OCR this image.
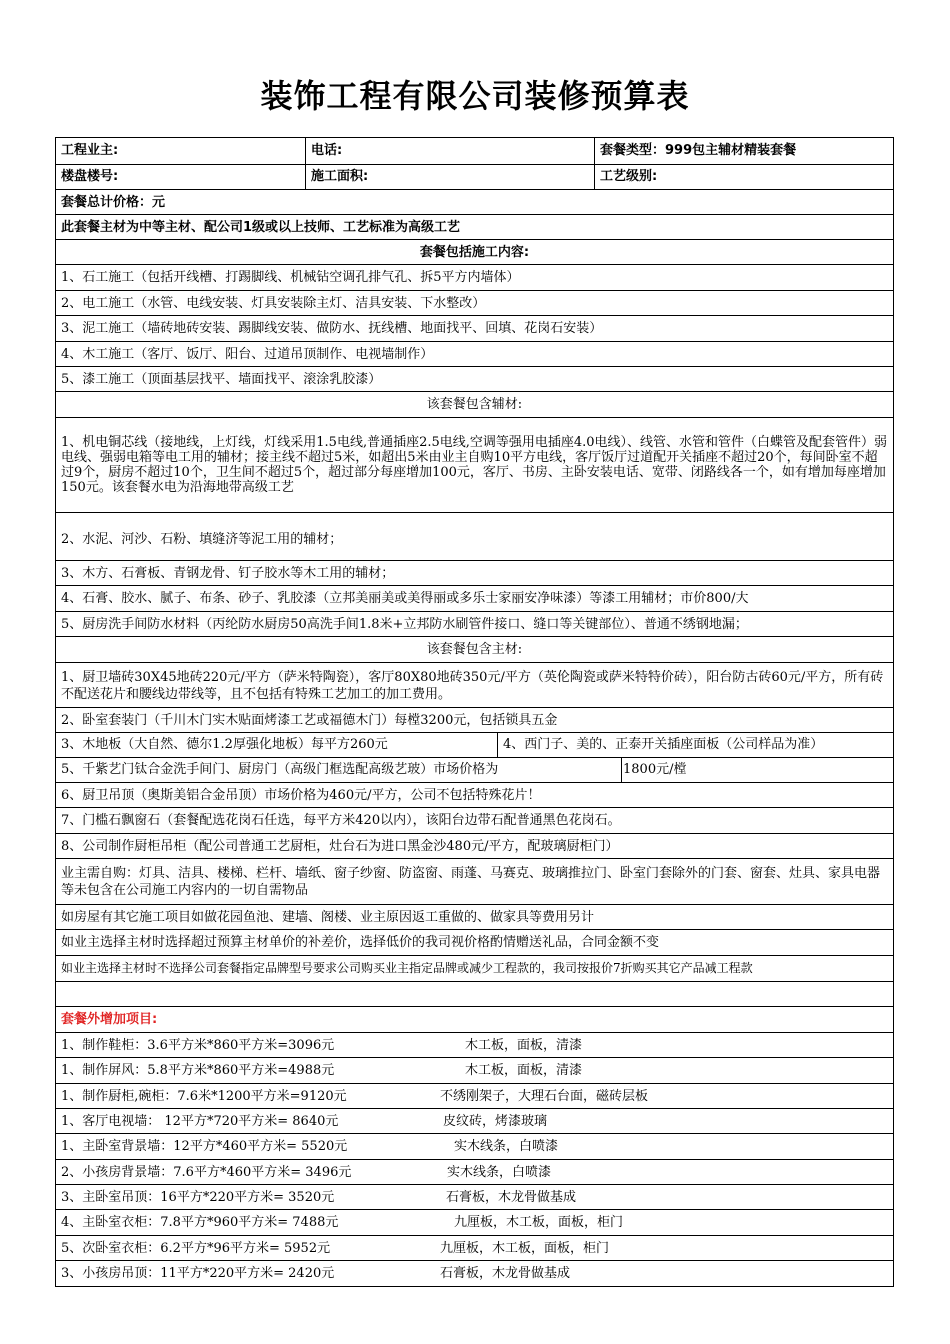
装饰工程有限公司装修预算表
工程业主:	电话:	套餐类型：999包主辅材精装套餐
楼盘楼号:	施工面积:	工艺级别:
套餐总计价格：元
此套餐主材为中等主材、配公司1级或以上技师、工艺标准为高级工艺
套餐包括施工内容:
1、石工施工（包括开线槽、打踢脚线、机械钻空调孔排气孔、拆5平方内墙体）
2、电工施工（水管、电线安装、灯具安装除主灯、洁具安装、下水整改）
3、泥工施工（墙砖地砖安装、踢脚线安装、做防水、抚线槽、地面找平、回填、花岗石安装）
4、木工施工（客厅、饭厅、阳台、过道吊顶制作、电视墙制作）
5、漆工施工（顶面基层找平、墙面找平、滚涂乳胶漆）
该套餐包含辅材:
1、机电铜芯线（接地线，上灯线，灯线采用1.5电线,普通插座2.5电线,空调等强用电插座4.0电线）、线管、水管和管件（白蝶管及配套管件）弱电线、强弱电箱等电工用的辅材；接主线不超过5米，如超出5米由业主自购10平方电线，客厅饭厅过道配开关插座不超过20个，每间卧室不超过9个，厨房不超过10个，卫生间不超过5个，超过部分每座增加100元，客厅、书房、主卧安装电话、宽带、闭路线各一个，如有增加每座增加150元。该套餐水电为沿海地带高级工艺
2、水泥、河沙、石粉、填缝济等泥工用的辅材；
3、木方、石膏板、青钢龙骨、钉子胶水等木工用的辅材；
4、石膏、胶水、腻子、布条、砂子、乳胶漆（立邦美丽美或美得丽或多乐士家丽安净味漆）等漆工用辅材；市价800/大
5、厨房洗手间防水材料（丙纶防水厨房50高洗手间1.8米+立邦防水刷管件接口、缝口等关键部位）、普通不绣钢地漏；
该套餐包含主材:
1、厨卫墙砖30X45地砖220元/平方（萨米特陶瓷），客厅80X80地砖350元/平方（英伦陶瓷或萨米特特价砖），阳台防古砖60元/平方，所有砖不配送花片和腰线边带线等，且不包括有特殊工艺加工的加工费用。
2、卧室套装门（千川木门实木贴面烤漆工艺或福德木门）每樘3200元，包括锁具五金
3、木地板（大自然、德尔1.2厚强化地板）每平方260元	4、西门子、美的、正泰开关插座面板（公司样品为准）
5、千紫艺门钛合金洗手间门、厨房门（高级门框选配高级艺玻）市场价格为	1800元/樘
6、厨卫吊顶（奥斯美铝合金吊顶）市场价格为460元/平方，公司不包括特殊花片！
7、门槛石飘窗石（套餐配选花岗石任选，每平方米420以内），该阳台边带石配普通黑色花岗石。
8、公司制作厨柜吊柜（配公司普通工艺厨柜，灶台石为进口黑金沙480元/平方，配玻璃厨柜门）
业主需自购：灯具、洁具、楼梯、栏杆、墙纸、窗子纱窗、防盗窗、雨蓬、马赛克、玻璃推拉门、卧室门套除外的门套、窗套、灶具、家具电器等未包含在公司施工内容内的一切自需物品
如房屋有其它施工项目如做花园鱼池、建墙、阁楼、业主原因返工重做的、做家具等费用另计
如业主选择主材时选择超过预算主材单价的补差价，选择低价的我司视价格酌情赠送礼品，合同金额不变
如业主选择主材时不选择公司套餐指定品牌型号要求公司购买业主指定品牌或减少工程款的，我司按报价7折购买其它产品减工程款
套餐外增加项目:
1、制作鞋柜：3.6平方米*860平方米=3096元	木工板，面板，清漆
1、制作屏风：5.8平方米*860平方米=4988元	木工板，面板，清漆
1、制作厨柜,碗柜：7.6米*1200平方米=9120元	不绣刚架子，大理石台面，磁砖层板
1、客厅电视墙： 12平方*720平方米= 8640元	皮纹砖，烤漆玻璃
1、主卧室背景墙：12平方*460平方米= 5520元	实木线条，白喷漆
2、小孩房背景墙：7.6平方*460平方米= 3496元	实木线条，白喷漆
3、主卧室吊顶：16平方*220平方米= 3520元	石膏板，木龙骨做基成
4、主卧室衣柜：7.8平方*960平方米= 7488元	九厘板，木工板，面板，柜门
5、次卧室衣柜：6.2平方*96平方米= 5952元	九厘板，木工板，面板，柜门
3、小孩房吊顶：11平方*220平方米= 2420元	石膏板，木龙骨做基成
